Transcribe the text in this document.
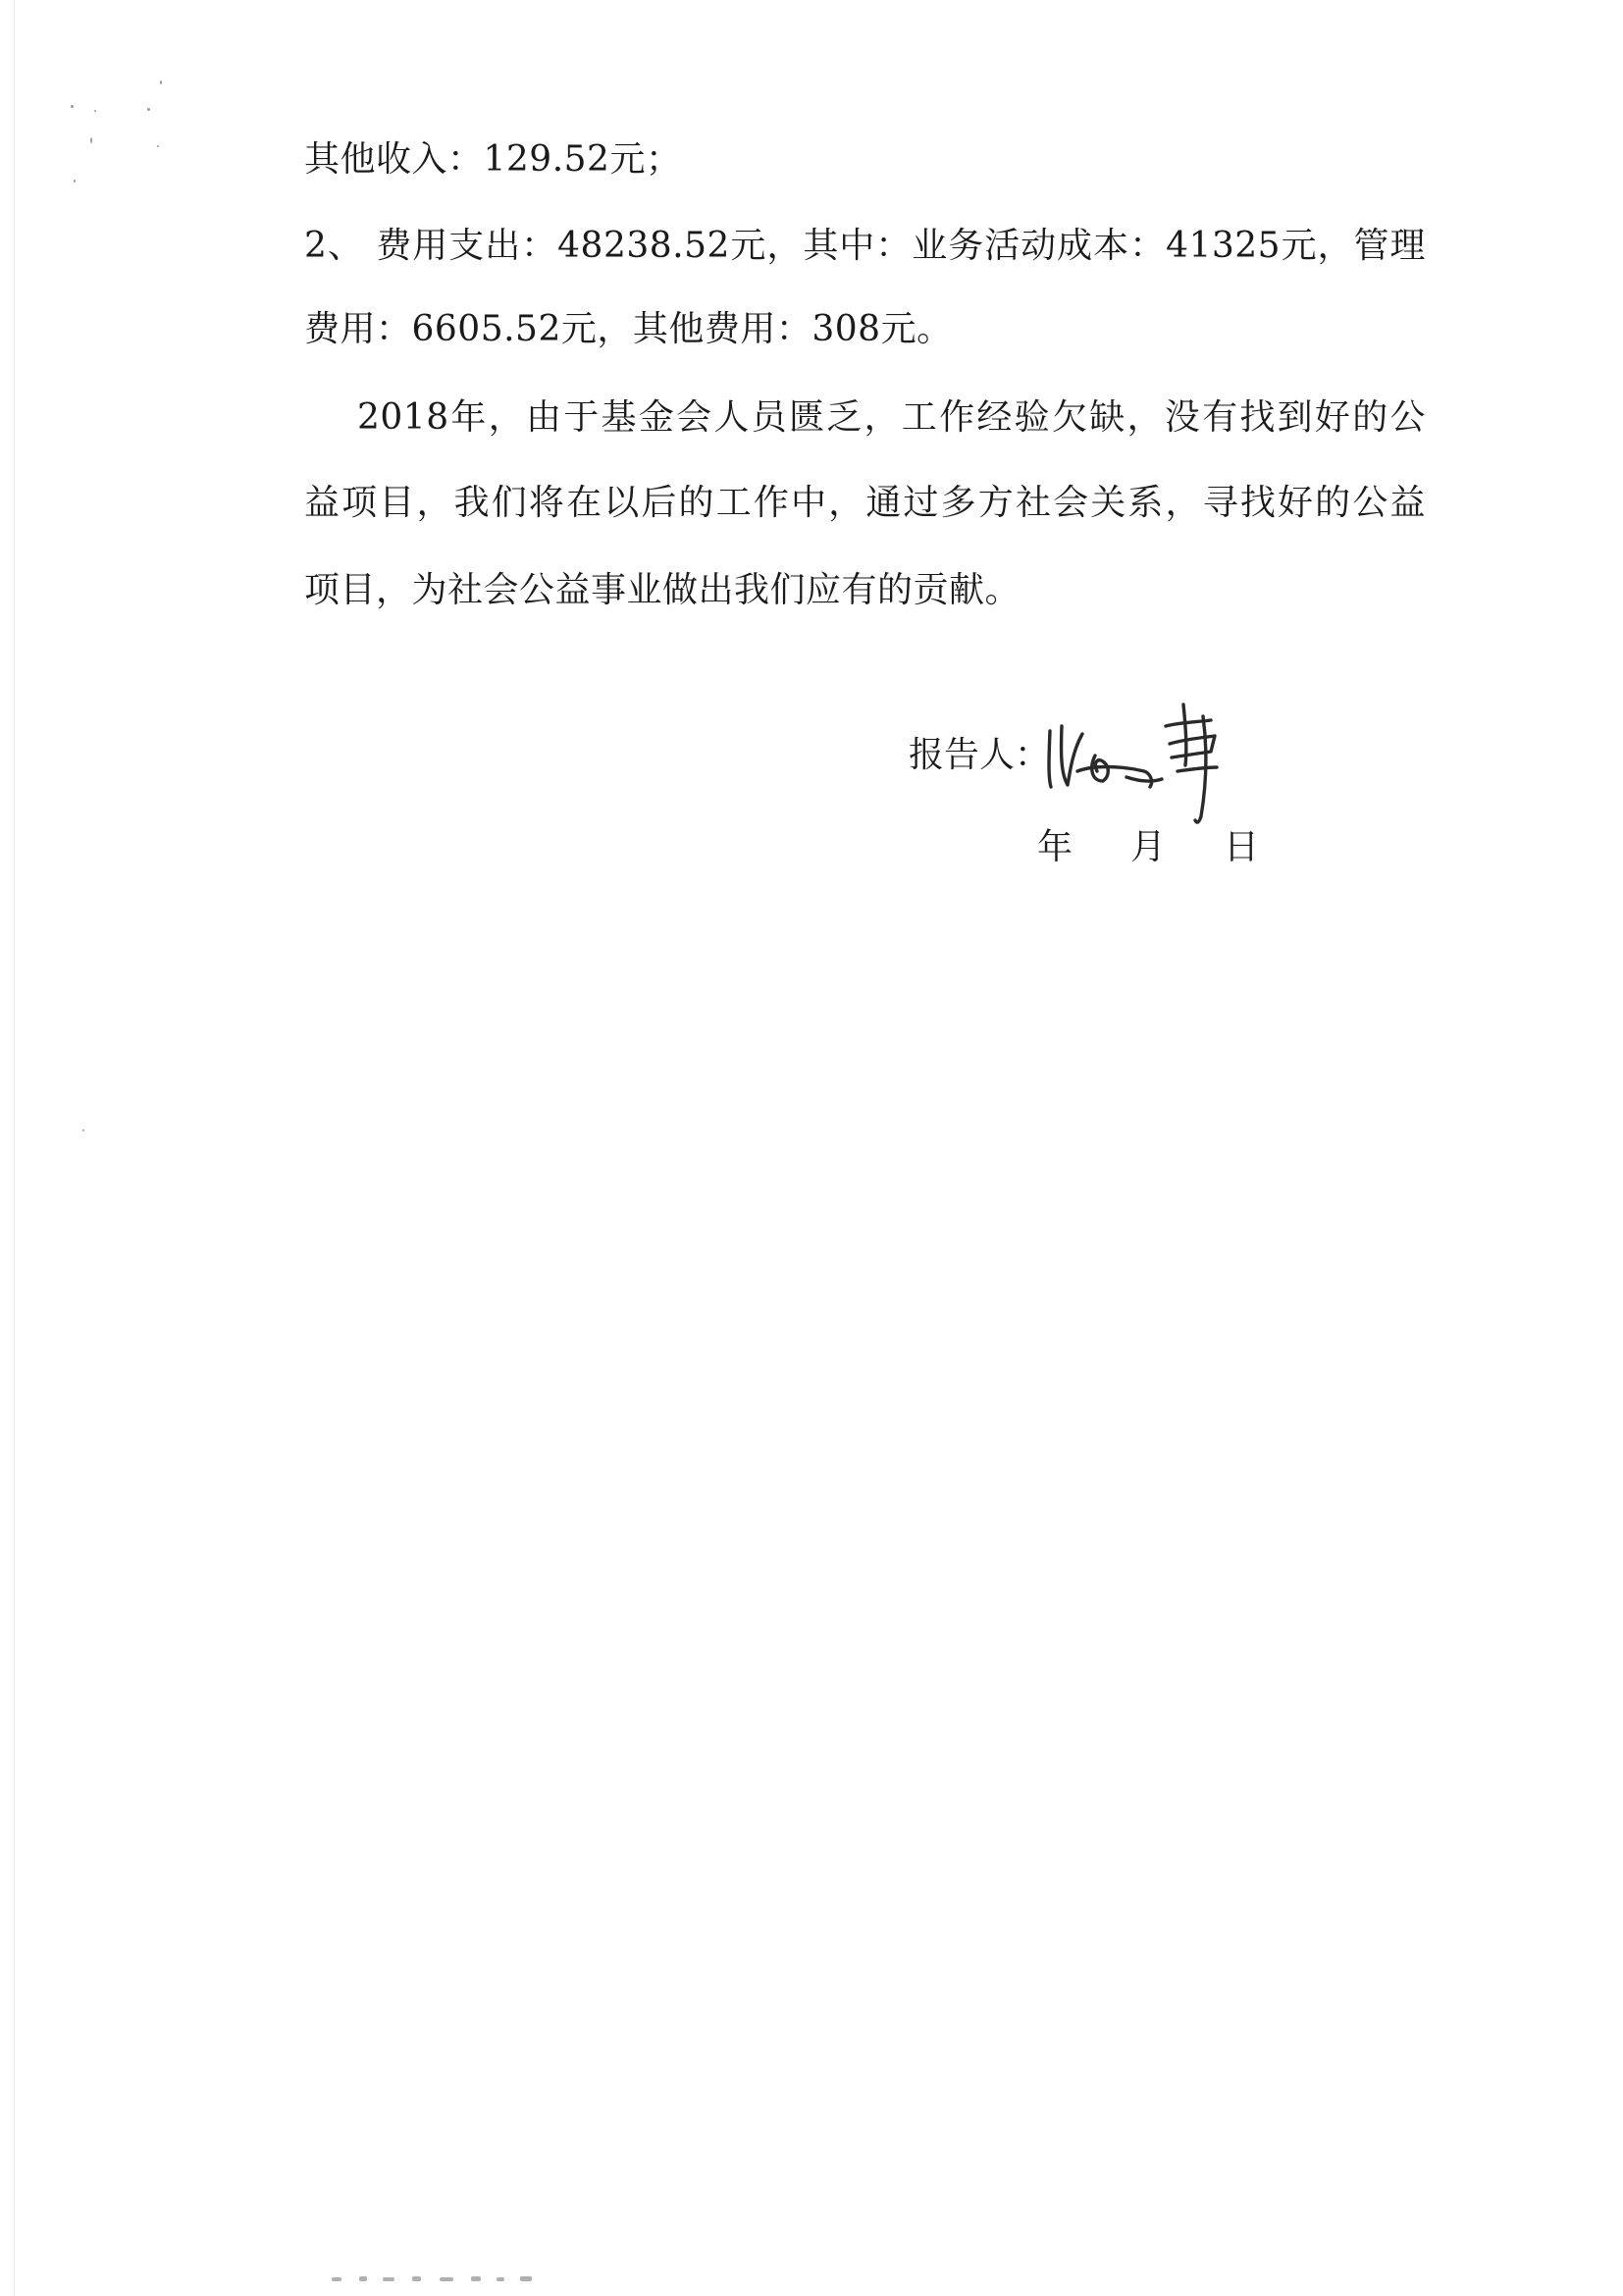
其他收入：129.52元；
2、 费用支出：48238.52元，其中：业务活动成本：41325元，管理
费用：6605.52元，其他费用：308元。
2018年，由于基金会人员匮乏，工作经验欠缺，没有找到好的公
益项目，我们将在以后的工作中，通过多方社会关系，寻找好的公益
项目，为社会公益事业做出我们应有的贡献。
报告人：
年 月 日
